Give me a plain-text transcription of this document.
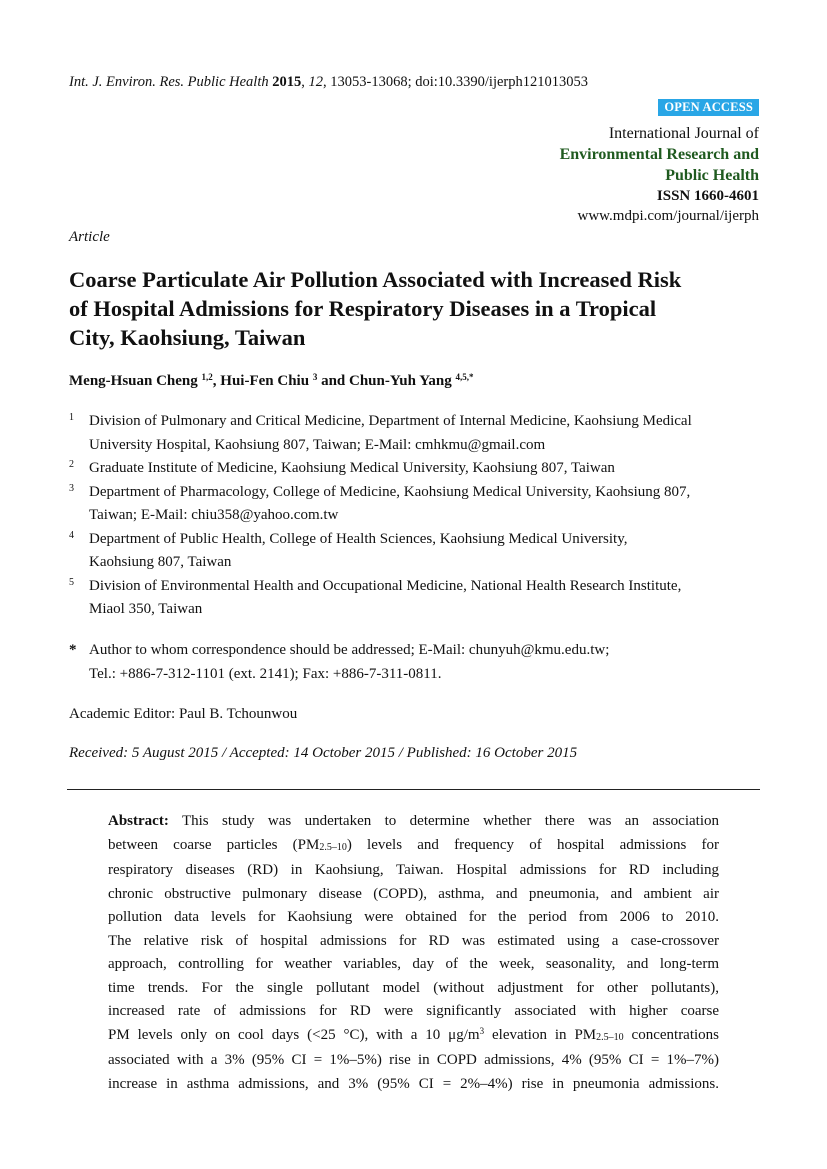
Int. J. Environ. Res. Public Health 2015, 12, 13053-13068; doi:10.3390/ijerph121013053
OPEN ACCESS
International Journal of
Environmental Research and
Public Health
ISSN 1660-4601
www.mdpi.com/journal/ijerph
Article
Coarse Particulate Air Pollution Associated with Increased Risk
of Hospital Admissions for Respiratory Diseases in a Tropical
City, Kaohsiung, Taiwan
Meng-Hsuan Cheng $^{1,2}$, Hui-Fen Chiu $^3$ and Chun-Yuh Yang $^{4,5,*}$
1 Division of Pulmonary and Critical Medicine, Department of Internal Medicine, Kaohsiung Medical
University Hospital, Kaohsiung 807, Taiwan; E-Mail: cmhkmu@gmail.com
2 Graduate Institute of Medicine, Kaohsiung Medical University, Kaohsiung 807, Taiwan
3 Department of Pharmacology, College of Medicine, Kaohsiung Medical University, Kaohsiung 807,
Taiwan; E-Mail: chiu358@yahoo.com.tw
4 Department of Public Health, College of Health Sciences, Kaohsiung Medical University,
Kaohsiung 807, Taiwan
5 Division of Environmental Health and Occupational Medicine, National Health Research Institute,
Miaol 350, Taiwan
* Author to whom correspondence should be addressed; E-Mail: chunyuh@kmu.edu.tw;
Tel.: +886-7-312-1101 (ext. 2141); Fax: +886-7-311-0811.
Academic Editor: Paul B. Tchounwou
Received: 5 August 2015 / Accepted: 14 October 2015 / Published: 16 October 2015
Abstract: This study was undertaken to determine whether there was an association
between coarse particles $(PM_{2.5-10})$ levels and frequency of hospital admissions for
respiratory diseases (RD) in Kaohsiung, Taiwan. Hospital admissions for RD including
chronic obstructive pulmonary disease (COPD), asthma, and pneumonia, and ambient air
pollution data levels for Kaohsiung were obtained for the period from 2006 to 2010.
The relative risk of hospital admissions for RD was estimated using a case-crossover
approach, controlling for weather variables, day of the week, seasonality, and long-term
time trends. For the single pollutant model (without adjustment for other pollutants),
increased rate of admissions for RD were significantly associated with higher coarse
PM levels only on cool days (<25 °C), with a 10 $\mu g/m^3$ elevation in $PM_{2.5-10}$ concentrations
associated with a 3% (95% CI = 1%–5%) rise in COPD admissions, 4% (95% CI = 1%–7%)
increase in asthma admissions, and 3% (95% CI = 2%–4%) rise in pneumonia admissions.
